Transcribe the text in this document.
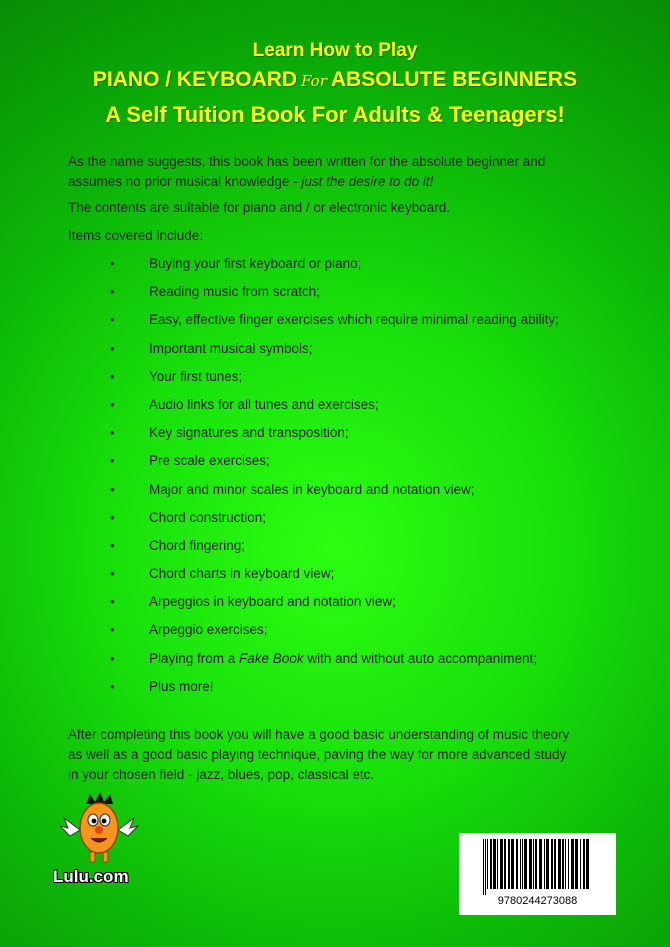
Learn How to Play
PIANO / KEYBOARD For ABSOLUTE BEGINNERS
A Self Tuition Book For Adults & Teenagers!

As the name suggests, this book has been written for the absolute beginner and assumes no prior musical knowledge - just the desire to do it!

The contents are suitable for piano and / or electronic keyboard.

Items covered include:

•	Buying your first keyboard or piano;
•	Reading music from scratch;
•	Easy, effective finger exercises which require minimal reading ability;
•	Important musical symbols;
•	Your first tunes;
•	Audio links for all tunes and exercises;
•	Key signatures and transposition;
•	Pre scale exercises;
•	Major and minor scales in keyboard and notation view;
•	Chord construction;
•	Chord fingering;
•	Chord charts in keyboard view;
•	Arpeggios in keyboard and notation view;
•	Arpeggio exercises;
•	Playing from a Fake Book with and without auto accompaniment;
•	Plus more!

After completing this book you will have a good basic understanding of music theory as well as a good basic playing technique, paving the way for more advanced study in your chosen field - jazz, blues, pop, classical etc.

Lulu.com
9780244273088
